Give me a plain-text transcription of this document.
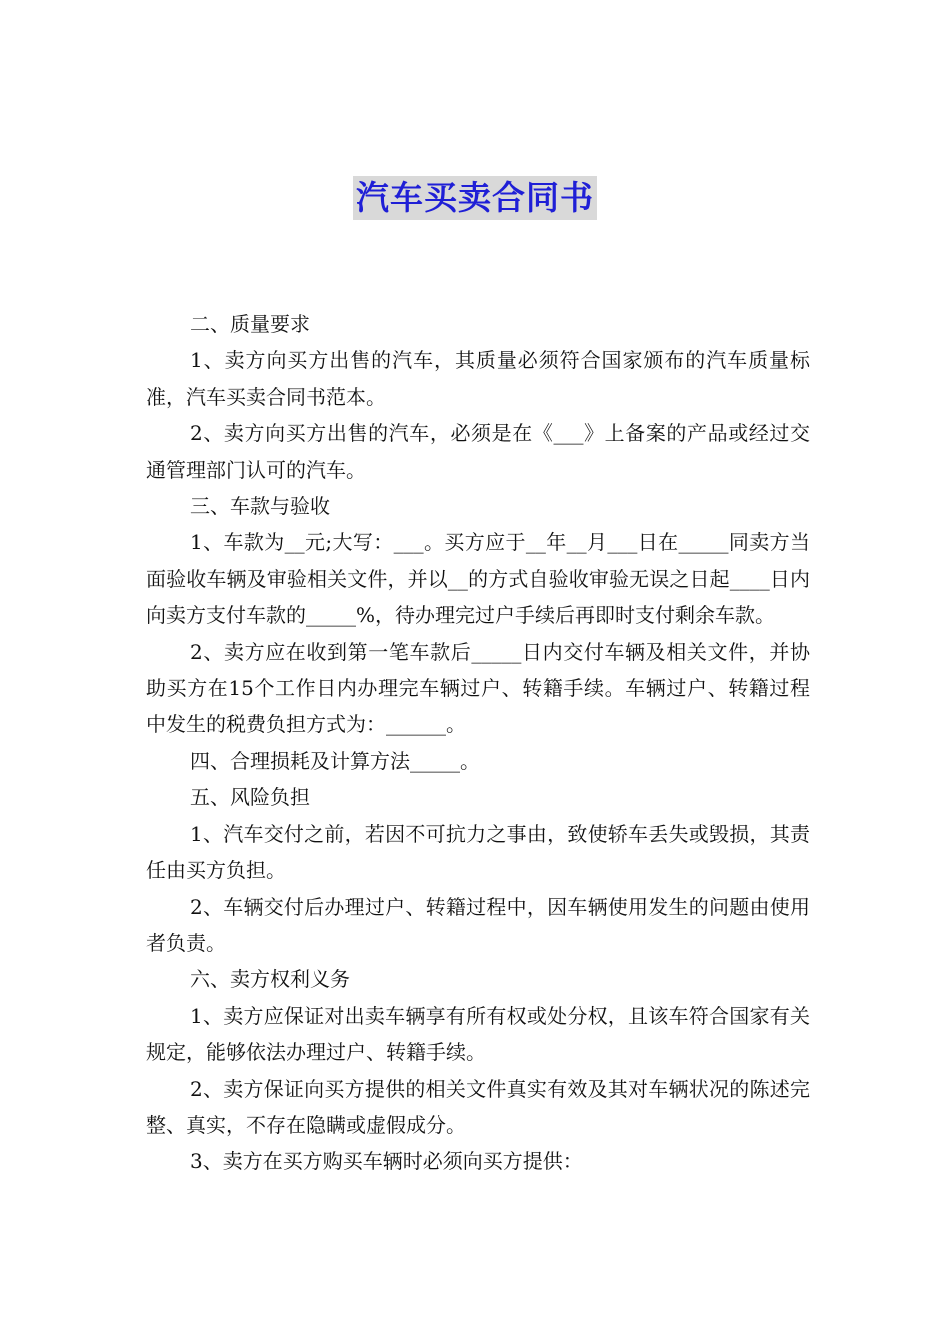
汽车买卖合同书

二、质量要求

1、卖方向买方出售的汽车，其质量必须符合国家颁布的汽车质量标准，汽车买卖合同书范本。

2、卖方向买方出售的汽车，必须是在《___》上备案的产品或经过交通管理部门认可的汽车。

三、车款与验收

1、车款为__元;大写：___。买方应于__年__月___日在_____同卖方当面验收车辆及审验相关文件，并以__的方式自验收审验无误之日起____日内向卖方支付车款的_____%，待办理完过户手续后再即时支付剩余车款。

2、卖方应在收到第一笔车款后_____日内交付车辆及相关文件，并协助买方在15个工作日内办理完车辆过户、转籍手续。车辆过户、转籍过程中发生的税费负担方式为：______。

四、合理损耗及计算方法_____。

五、风险负担

1、汽车交付之前，若因不可抗力之事由，致使轿车丢失或毁损，其责任由买方负担。

2、车辆交付后办理过户、转籍过程中，因车辆使用发生的问题由使用者负责。

六、卖方权利义务

1、卖方应保证对出卖车辆享有所有权或处分权，且该车符合国家有关规定，能够依法办理过户、转籍手续。

2、卖方保证向买方提供的相关文件真实有效及其对车辆状况的陈述完整、真实，不存在隐瞒或虚假成分。

3、卖方在买方购买车辆时必须向买方提供：
